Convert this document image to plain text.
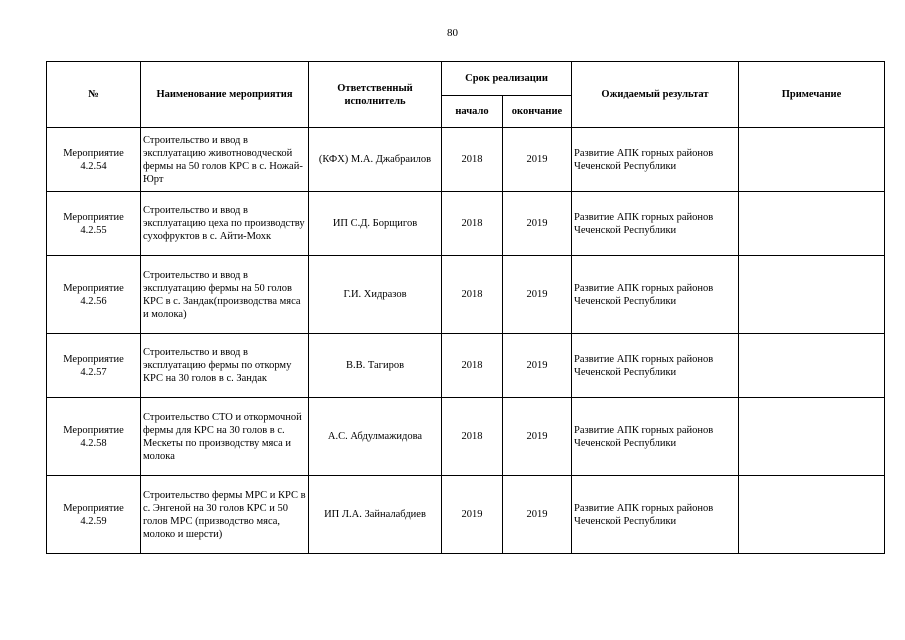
80
№	Наименование мероприятия	Ответственный исполнитель	Срок реализации		Ожидаемый результат	Примечание
			начало	окончание		
Мероприятие 4.2.54	Строительство и ввод в эксплуатацию животноводческой фермы на 50 голов КРС в с. Ножай-Юрт	(КФХ) М.А. Джабраилов	2018	2019	Развитие АПК горных районов Чеченской Республики	
Мероприятие 4.2.55	Строительство и ввод в эксплуатацию цеха по производству сухофруктов в с. Айти-Мохк	ИП С.Д. Борщигов	2018	2019	Развитие АПК горных районов Чеченской Республики	
Мероприятие 4.2.56	Строительство и ввод в эксплуатацию фермы на 50 голов КРС в с. Зандак(производства мяса и молока)	Г.И. Хидразов	2018	2019	Развитие АПК горных районов Чеченской Республики	
Мероприятие 4.2.57	Строительство и ввод в эксплуатацию фермы по откорму КРС на 30 голов в с. Зандак	В.В. Тагиров	2018	2019	Развитие АПК горных районов Чеченской Республики	
Мероприятие 4.2.58	Строительство СТО и откормочной фермы для КРС на 30 голов в с. Мескеты по производству мяса и молока	А.С. Абдулмажидова	2018	2019	Развитие АПК горных районов Чеченской Республики	
Мероприятие 4.2.59	Строительство фермы МРС и КРС в с. Энгеной на 30 голов КРС и 50 голов МРС (призводство мяса, молоко и шерсти)	ИП Л.А. Зайналабдиев	2019	2019	Развитие АПК горных районов Чеченской Республики	
